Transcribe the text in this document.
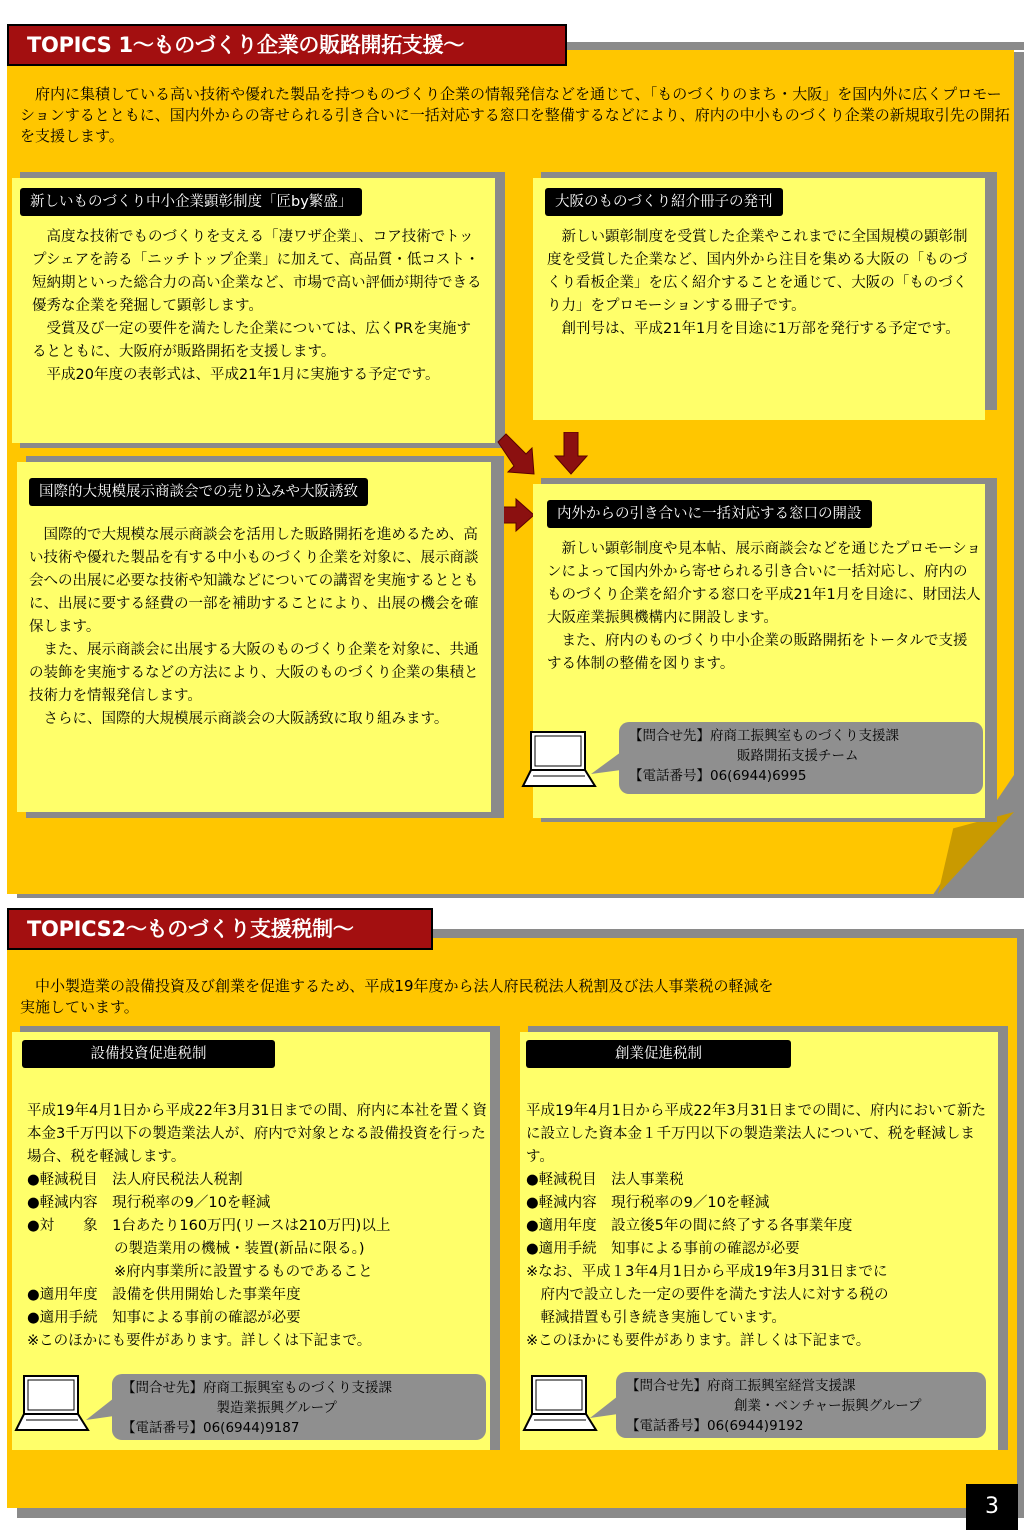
TOPICS 1～ものづくり企業の販路開拓支援～
　府内に集積している高い技術や優れた製品を持つものづくり企業の情報発信などを通じて、「ものづくりのまち・大阪」を国内外に広くプロモーションするとともに、国内外からの寄せられる引き合いに一括対応する窓口を整備するなどにより、府内の中小ものづくり企業の新規取引先の開拓を支援します。
新しいものづくり中小企業顕彰制度「匠by繁盛」
　高度な技術でものづくりを支える「凄ワザ企業」、コア技術でトップシェアを誇る「ニッチトップ企業」に加えて、高品質・低コスト・短納期といった総合力の高い企業など、市場で高い評価が期待できる優秀な企業を発掘して顕彰します。
　受賞及び一定の要件を満たした企業については、広くPRを実施するとともに、大阪府が販路開拓を支援します。
　平成20年度の表彰式は、平成21年1月に実施する予定です。
大阪のものづくり紹介冊子の発刊
　新しい顕彰制度を受賞した企業やこれまでに全国規模の顕彰制度を受賞した企業など、国内外から注目を集める大阪の「ものづくり看板企業」を広く紹介することを通じて、大阪の「ものづくり力」をプロモーションする冊子です。
　創刊号は、平成21年1月を目途に1万部を発行する予定です。
国際的大規模展示商談会での売り込みや大阪誘致
　国際的で大規模な展示商談会を活用した販路開拓を進めるため、高い技術や優れた製品を有する中小ものづくり企業を対象に、展示商談会への出展に必要な技術や知識などについての講習を実施するとともに、出展に要する経費の一部を補助することにより、出展の機会を確保します。
　また、展示商談会に出展する大阪のものづくり企業を対象に、共通の装飾を実施するなどの方法により、大阪のものづくり企業の集積と技術力を情報発信します。
　さらに、国際的大規模展示商談会の大阪誘致に取り組みます。
内外からの引き合いに一括対応する窓口の開設
　新しい顕彰制度や見本帖、展示商談会などを通じたプロモーションによって国内外から寄せられる引き合いに一括対応し、府内のものづくり企業を紹介する窓口を平成21年1月を目途に、財団法人大阪産業振興機構内に開設します。
　また、府内のものづくり中小企業の販路開拓をトータルで支援する体制の整備を図ります。
【問合せ先】府商工振興室ものづくり支援課
　　　　　　　　販路開拓支援チーム
【電話番号】06(6944)6995
TOPICS2～ものづくり支援税制～
　中小製造業の設備投資及び創業を促進するため、平成19年度から法人府民税法人税割及び法人事業税の軽減を
実施しています。
設備投資促進税制
平成19年4月1日から平成22年3月31日までの間、府内に本社を置く資本金3千万円以下の製造業法人が、府内で対象となる設備投資を行った場合、税を軽減します。
●軽減税目　法人府民税法人税割
●軽減内容　現行税率の9／10を軽減
●対　　象　1台あたり160万円(リースは210万円)以上
　　　　　　の製造業用の機械・装置(新品に限る。)
　　　　　　※府内事業所に設置するものであること
●適用年度　設備を供用開始した事業年度
●適用手続　知事による事前の確認が必要
※このほかにも要件があります。詳しくは下記まで。
【問合せ先】府商工振興室ものづくり支援課
　　　　　　　製造業振興グループ
【電話番号】06(6944)9187
創業促進税制
平成19年4月1日から平成22年3月31日までの間に、府内において新たに設立した資本金１千万円以下の製造業法人について、税を軽減します。
●軽減税目　法人事業税
●軽減内容　現行税率の9／10を軽減
●適用年度　設立後5年の間に終了する各事業年度
●適用手続　知事による事前の確認が必要
※なお、平成１3年4月1日から平成19年3月31日までに
　府内で設立した一定の要件を満たす法人に対する税の
　軽減措置も引き続き実施しています。
※このほかにも要件があります。詳しくは下記まで。
【問合せ先】府商工振興室経営支援課
　　　　　　　　創業・ベンチャー振興グループ
【電話番号】06(6944)9192
3
